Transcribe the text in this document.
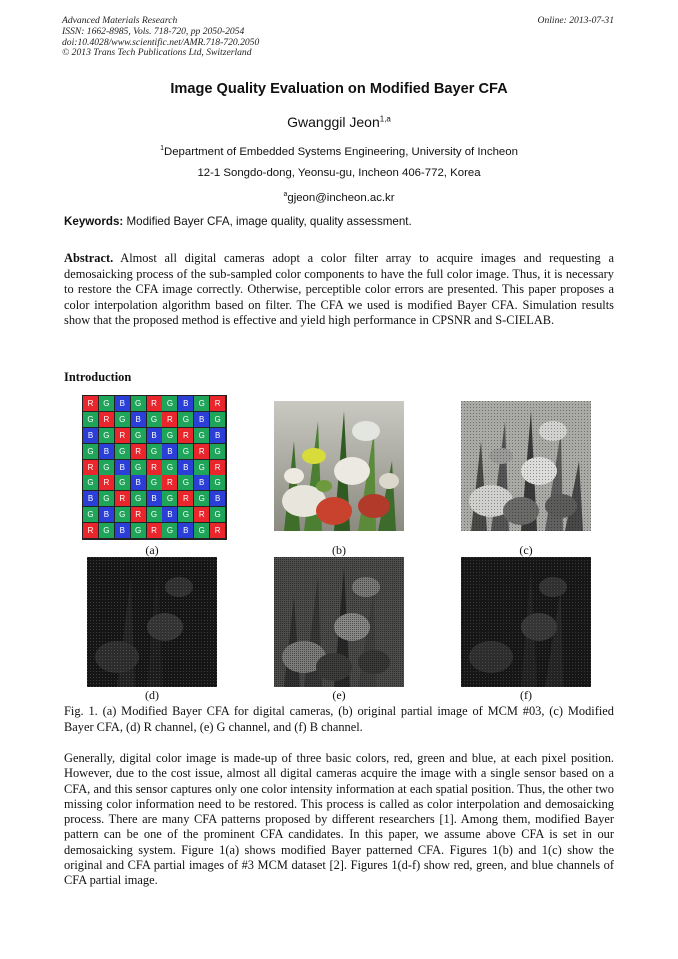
Advanced Materials Research
ISSN: 1662-8985, Vols. 718-720, pp 2050-2054
doi:10.4028/www.scientific.net/AMR.718-720.2050
© 2013 Trans Tech Publications Ltd, Switzerland
Online: 2013-07-31
Image Quality Evaluation on Modified Bayer CFA
Gwanggil Jeon$^{1,a}$
$^1$Department of Embedded Systems Engineering, University of Incheon
12-1 Songdo-dong, Yeonsu-gu, Incheon 406-772, Korea
$^a$gjeon@incheon.ac.kr
Keywords: Modified Bayer CFA, image quality, quality assessment.
Abstract. Almost all digital cameras adopt a color filter array to acquire images and requesting a demosaicking process of the sub-sampled color components to have the full color image. Thus, it is necessary to restore the CFA image correctly. Otherwise, perceptible color errors are presented. This paper proposes a color interpolation algorithm based on filter. The CFA we used is modified Bayer CFA. Simulation results show that the proposed method is effective and yield high performance in CPSNR and S-CIELAB.
Introduction
R	G	B	G	R	G	B	G	R
G	R	G	B	G	R	G	B	G
B	G	R	G	B	G	R	G	B
G	B	G	R	G	B	G	R	G
R	G	B	G	R	G	B	G	R
G	R	G	B	G	R	G	B	G
B	G	R	G	B	G	R	G	B
G	B	G	R	G	B	G	R	G
R	G	B	G	R	G	B	G	R
(a)	(b)	(c)
(d)	(e)	(f)
Fig. 1. (a) Modified Bayer CFA for digital cameras, (b) original partial image of MCM #03, (c) Modified Bayer CFA, (d) R channel, (e) G channel, and (f) B channel.
Generally, digital color image is made-up of three basic colors, red, green and blue, at each pixel position. However, due to the cost issue, almost all digital cameras acquire the image with a single sensor based on a CFA, and this sensor captures only one color intensity information at each spatial position. Thus, the other two missing color information need to be restored. This process is called as color interpolation and demosaicking process. There are many CFA patterns proposed by different researchers [1]. Among them, modified Bayer pattern can be one of the prominent CFA candidates. In this paper, we assume above CFA is set in our demosaicking system. Figure 1(a) shows modified Bayer patterned CFA. Figures 1(b) and 1(c) show the original and CFA partial images of #3 MCM dataset [2]. Figures 1(d-f) show red, green, and blue channels of CFA partial image.
